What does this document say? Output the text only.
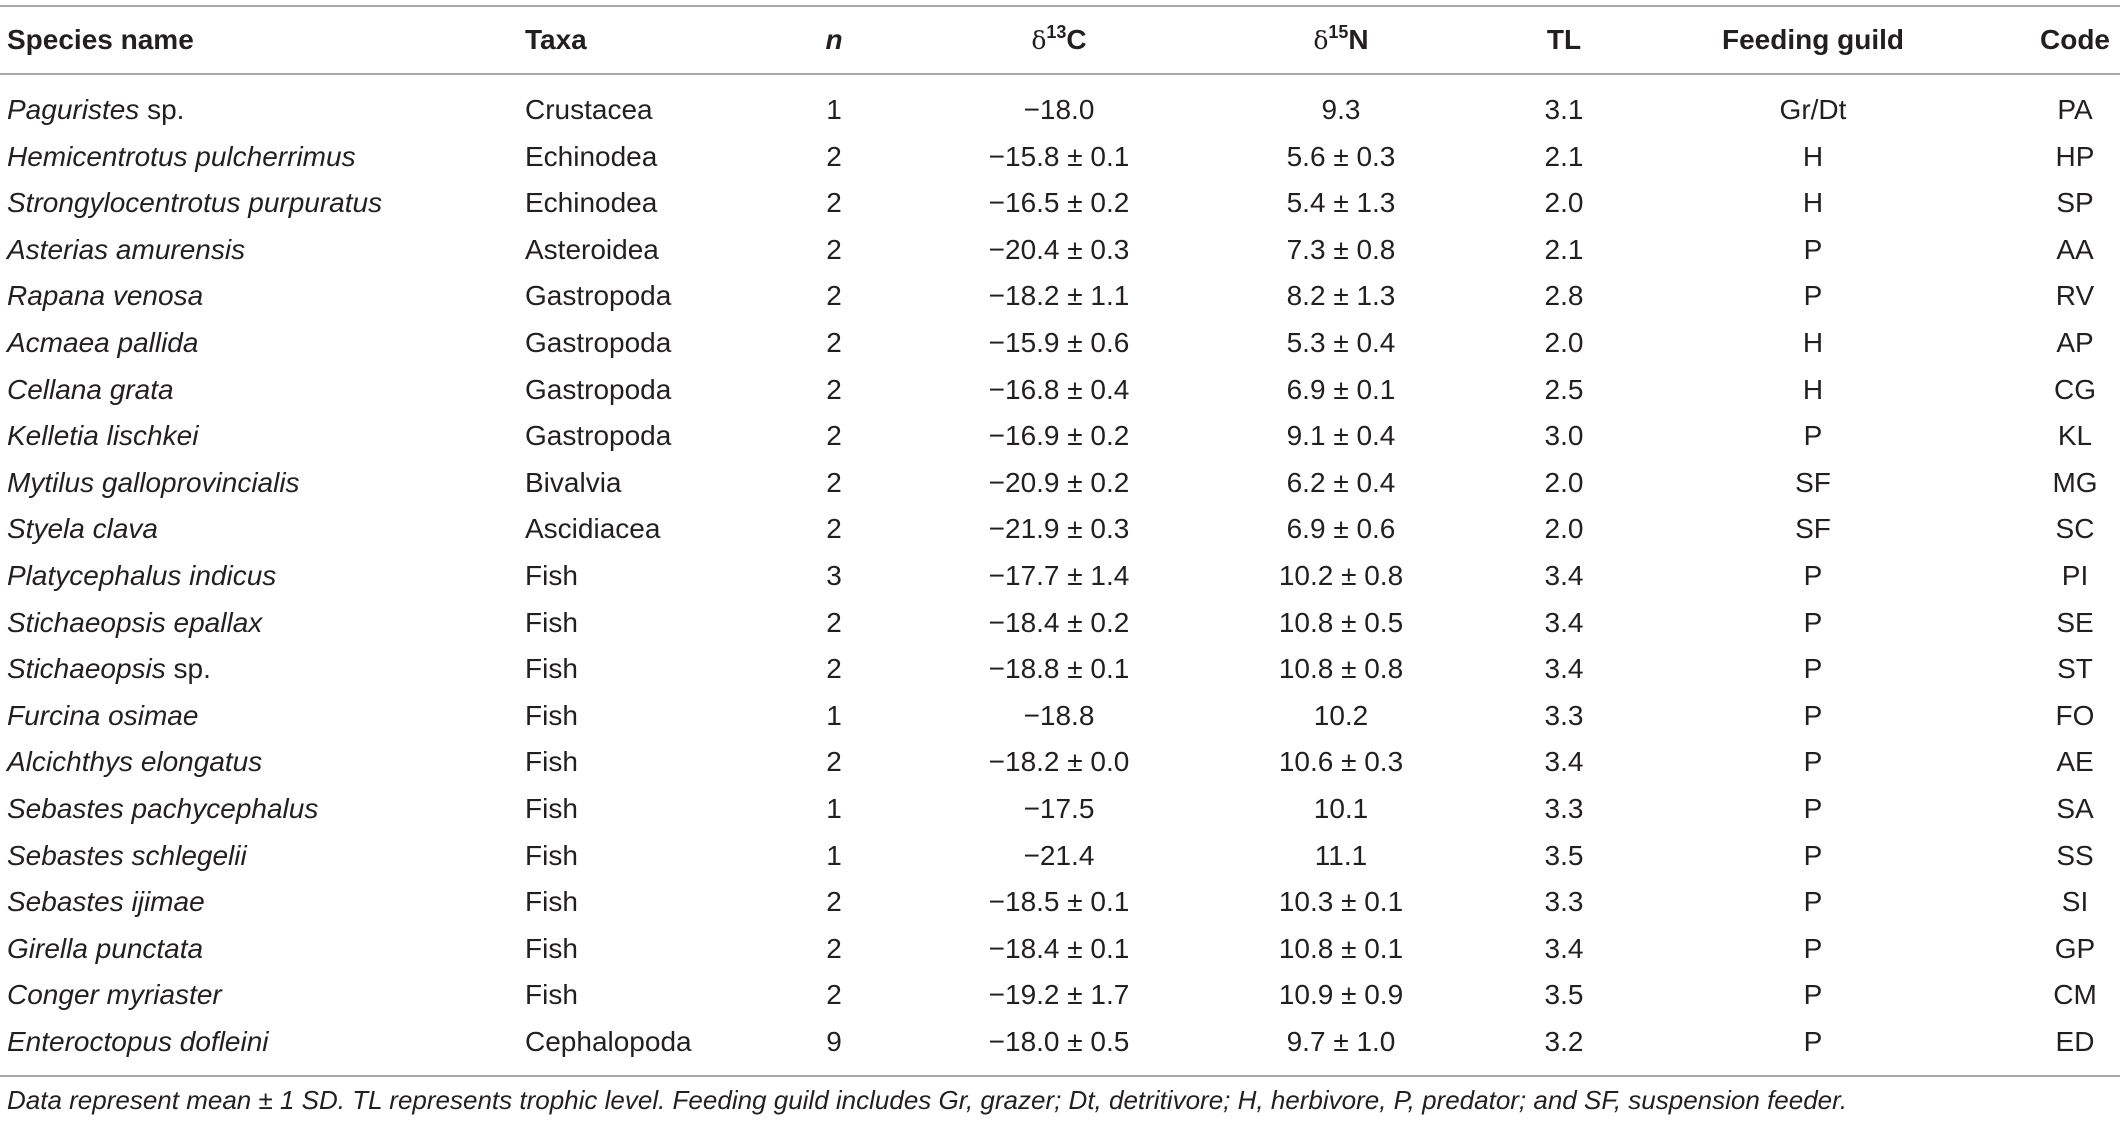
Species name	Taxa	n	$\delta^{13}C$	$\delta^{15}N$	TL	Feeding guild	Code
Paguristes sp.	Crustacea	1	−18.0	9.3	3.1	Gr/Dt	PA
Hemicentrotus pulcherrimus	Echinodea	2	−15.8 ± 0.1	5.6 ± 0.3	2.1	H	HP
Strongylocentrotus purpuratus	Echinodea	2	−16.5 ± 0.2	5.4 ± 1.3	2.0	H	SP
Asterias amurensis	Asteroidea	2	−20.4 ± 0.3	7.3 ± 0.8	2.1	P	AA
Rapana venosa	Gastropoda	2	−18.2 ± 1.1	8.2 ± 1.3	2.8	P	RV
Acmaea pallida	Gastropoda	2	−15.9 ± 0.6	5.3 ± 0.4	2.0	H	AP
Cellana grata	Gastropoda	2	−16.8 ± 0.4	6.9 ± 0.1	2.5	H	CG
Kelletia lischkei	Gastropoda	2	−16.9 ± 0.2	9.1 ± 0.4	3.0	P	KL
Mytilus galloprovincialis	Bivalvia	2	−20.9 ± 0.2	6.2 ± 0.4	2.0	SF	MG
Styela clava	Ascidiacea	2	−21.9 ± 0.3	6.9 ± 0.6	2.0	SF	SC
Platycephalus indicus	Fish	3	−17.7 ± 1.4	10.2 ± 0.8	3.4	P	PI
Stichaeopsis epallax	Fish	2	−18.4 ± 0.2	10.8 ± 0.5	3.4	P	SE
Stichaeopsis sp.	Fish	2	−18.8 ± 0.1	10.8 ± 0.8	3.4	P	ST
Furcina osimae	Fish	1	−18.8	10.2	3.3	P	FO
Alcichthys elongatus	Fish	2	−18.2 ± 0.0	10.6 ± 0.3	3.4	P	AE
Sebastes pachycephalus	Fish	1	−17.5	10.1	3.3	P	SA
Sebastes schlegelii	Fish	1	−21.4	11.1	3.5	P	SS
Sebastes ijimae	Fish	2	−18.5 ± 0.1	10.3 ± 0.1	3.3	P	SI
Girella punctata	Fish	2	−18.4 ± 0.1	10.8 ± 0.1	3.4	P	GP
Conger myriaster	Fish	2	−19.2 ± 1.7	10.9 ± 0.9	3.5	P	CM
Enteroctopus dofleini	Cephalopoda	9	−18.0 ± 0.5	9.7 ± 1.0	3.2	P	ED
Data represent mean ± 1 SD. TL represents trophic level. Feeding guild includes Gr, grazer; Dt, detritivore; H, herbivore, P, predator; and SF, suspension feeder.
